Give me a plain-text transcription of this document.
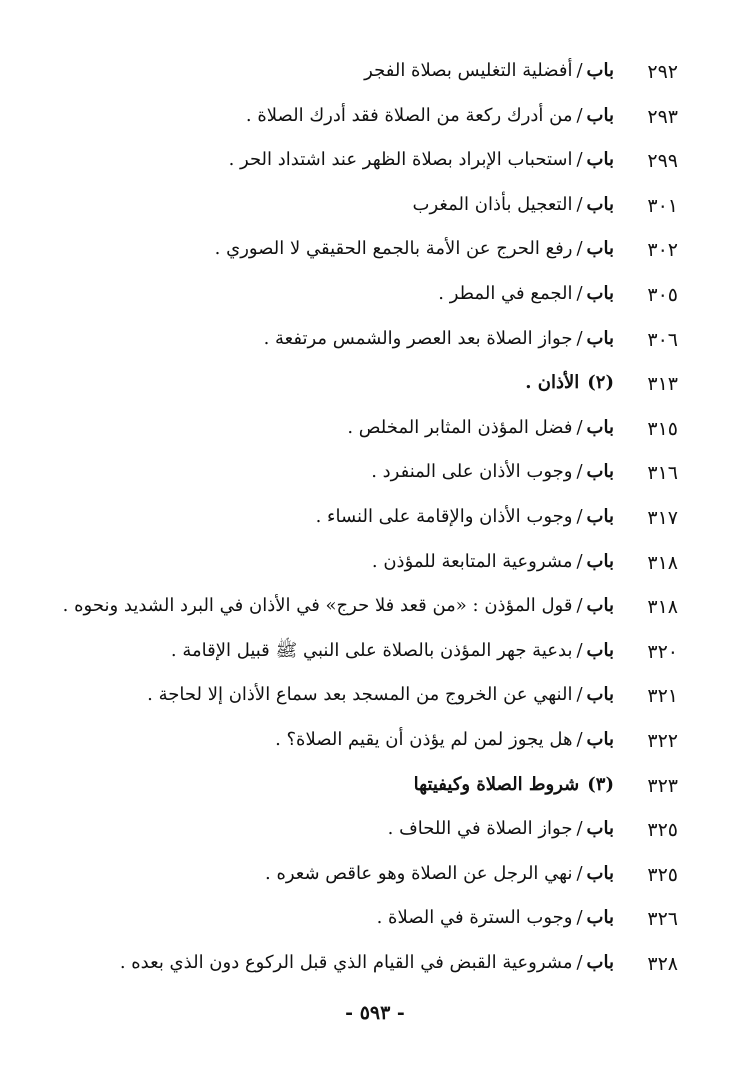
٢٩٢
باب/أفضلية التغليس بصلاة الفجر
٢٩٣
باب/من أدرك ركعة من الصلاة فقد أدرك الصلاة .
٢٩٩
باب/استحباب الإبراد بصلاة الظهر عند اشتداد الحر .
٣٠١
باب/التعجيل بأذان المغرب
٣٠٢
باب/رفع الحرج عن الأمة بالجمع الحقيقي لا الصوري .
٣٠٥
باب/الجمع في المطر .
٣٠٦
باب/جواز الصلاة بعد العصر والشمس مرتفعة .
٣١٣
(٢)الأذان .
٣١٥
باب/فضل المؤذن المثابر المخلص .
٣١٦
باب/وجوب الأذان على المنفرد .
٣١٧
باب/وجوب الأذان والإقامة على النساء .
٣١٨
باب/مشروعية المتابعة للمؤذن .
٣١٨
باب/قول المؤذن : «من قعد فلا حرج» في الأذان في البرد الشديد ونحوه .
٣٢٠
باب/بدعية جهر المؤذن بالصلاة على النبي ﷺ قبيل الإقامة .
٣٢١
باب/النهي عن الخروج من المسجد بعد سماع الأذان إلا لحاجة .
٣٢٢
باب/هل يجوز لمن لم يؤذن أن يقيم الصلاة؟ .
٣٢٣
(٣)شروط الصلاة وكيفيتها
٣٢٥
باب/جواز الصلاة في اللحاف .
٣٢٥
باب/نهي الرجل عن الصلاة وهو عاقص شعره .
٣٢٦
باب/وجوب السترة في الصلاة .
٣٢٨
باب/مشروعية القبض في القيام الذي قبل الركوع دون الذي بعده .
- ٥٩٣ -
